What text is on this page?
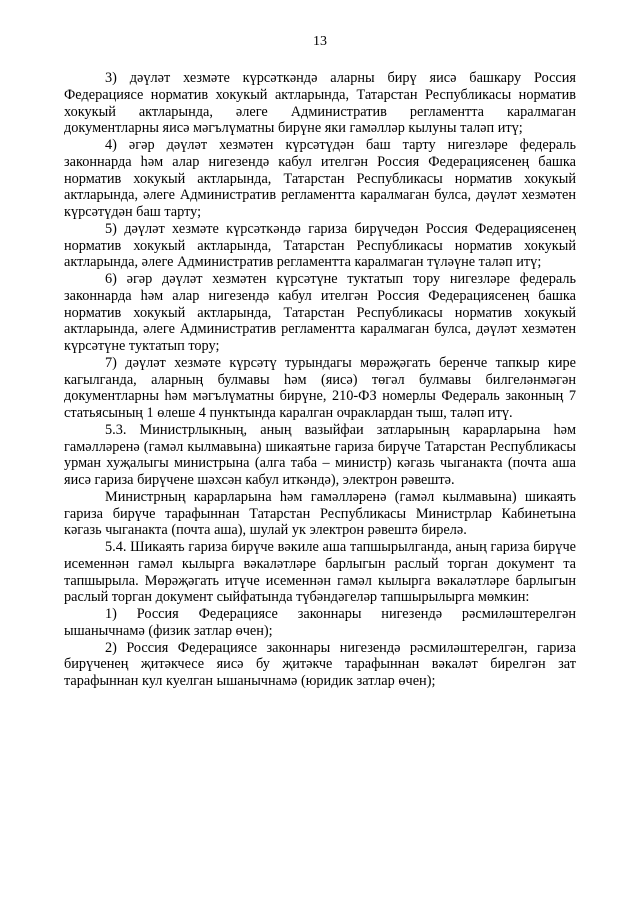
13

3) дәүләт хезмәте күрсәткәндә аларны бирү яисә башкару Россия Федерациясе норматив хокукый актларында, Татарстан Республикасы норматив хокукый актларында, әлеге Административ регламентта каралмаган документларны яисә мәгълүматны бирүне яки гамәлләр кылуны таләп итү;

4) әгәр дәүләт хезмәтен күрсәтүдән баш тарту нигезләре федераль законнарда һәм алар нигезендә кабул ителгән Россия Федерациясенең башка норматив хокукый актларында, Татарстан Республикасы норматив хокукый актларында, әлеге Административ регламентта каралмаган булса, дәүләт хезмәтен күрсәтүдән баш тарту;

5) дәүләт хезмәте күрсәткәндә гариза бирүчедән Россия Федерациясенең норматив хокукый актларында, Татарстан Республикасы норматив хокукый актларында, әлеге Административ регламентта каралмаган түләүне таләп итү;

6) әгәр дәүләт хезмәтен күрсәтүне туктатып тору нигезләре федераль законнарда һәм алар нигезендә кабул ителгән Россия Федерациясенең башка норматив хокукый актларында, Татарстан Республикасы норматив хокукый актларында, әлеге Административ регламентта каралмаган булса, дәүләт хезмәтен күрсәтүне туктатып тору;

7) дәүләт хезмәте күрсәтү турындагы мөрәҗәгать беренче тапкыр кире кагылганда, аларның булмавы һәм (яисә) төгәл булмавы билгеләнмәгән документларны һәм мәгълүматны бирүне, 210-ФЗ номерлы Федераль законның 7 статьясының 1 өлеше 4 пунктында каралган очраклардан тыш, таләп итү.

5.3. Министрлыкның, аның вазыйфаи затларының карарларына һәм гамәлләренә (гамәл кылмавына) шикаятьне гариза бирүче Татарстан Республикасы урман хуҗалыгы министрына (алга таба – министр) кәгазь чыганакта (почта аша яисә гариза бирүчене шәхсән кабул иткәндә), электрон рәвештә.

Министрның карарларына һәм гамәлләренә (гамәл кылмавына) шикаять гариза бирүче тарафыннан Татарстан Республикасы Министрлар Кабинетына кәгазь чыганакта (почта аша), шулай ук электрон рәвештә бирелә.

5.4. Шикаять гариза бирүче вәкиле аша тапшырылганда, аның гариза бирүче исеменнән гамәл кылырга вәкаләтләре барлыгын раслый торган документ та тапшырыла. Мөрәҗәгать итүче исеменнән гамәл кылырга вәкаләтләре барлыгын раслый торган документ сыйфатында түбәндәгеләр тапшырылырга мөмкин:

1) Россия Федерациясе законнары нигезендә рәсмиләштерелгән ышанычнамә (физик затлар өчен);

2) Россия Федерациясе законнары нигезендә рәсмиләштерелгән, гариза бирүченең җитәкчесе яисә бу җитәкче тарафыннан вәкаләт бирелгән зат тарафыннан кул куелган ышанычнамә (юридик затлар өчен);
